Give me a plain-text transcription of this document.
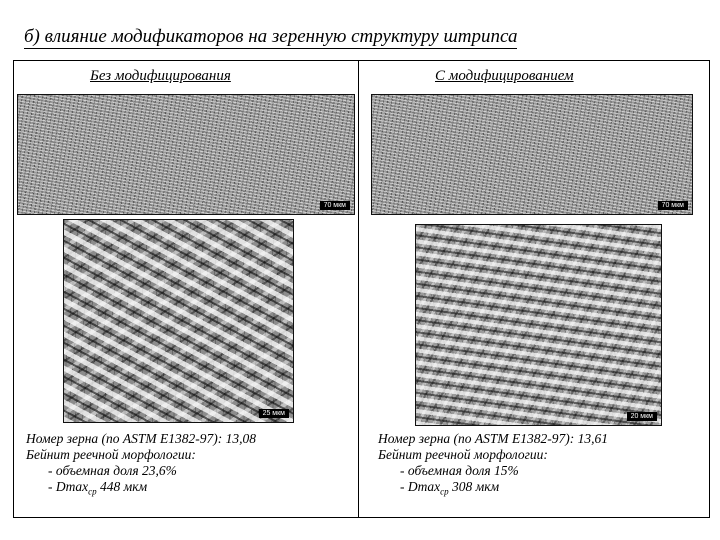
б) влияние модификаторов на зеренную структуру штрипса
Без модифицирования
70 мкм
25 мкм
Номер зерна (по ASTM E1382-97): 13,08
Бейнит реечной морфологии:
- объемная доля 23,6%
- Dmax$_{ср}$ 448 мкм
С модифицированием
70 мкм
20 мкм
Номер зерна (по ASTM E1382-97): 13,61
Бейнит реечной морфологии:
- объемная доля 15%
- Dmax$_{ср}$ 308 мкм
